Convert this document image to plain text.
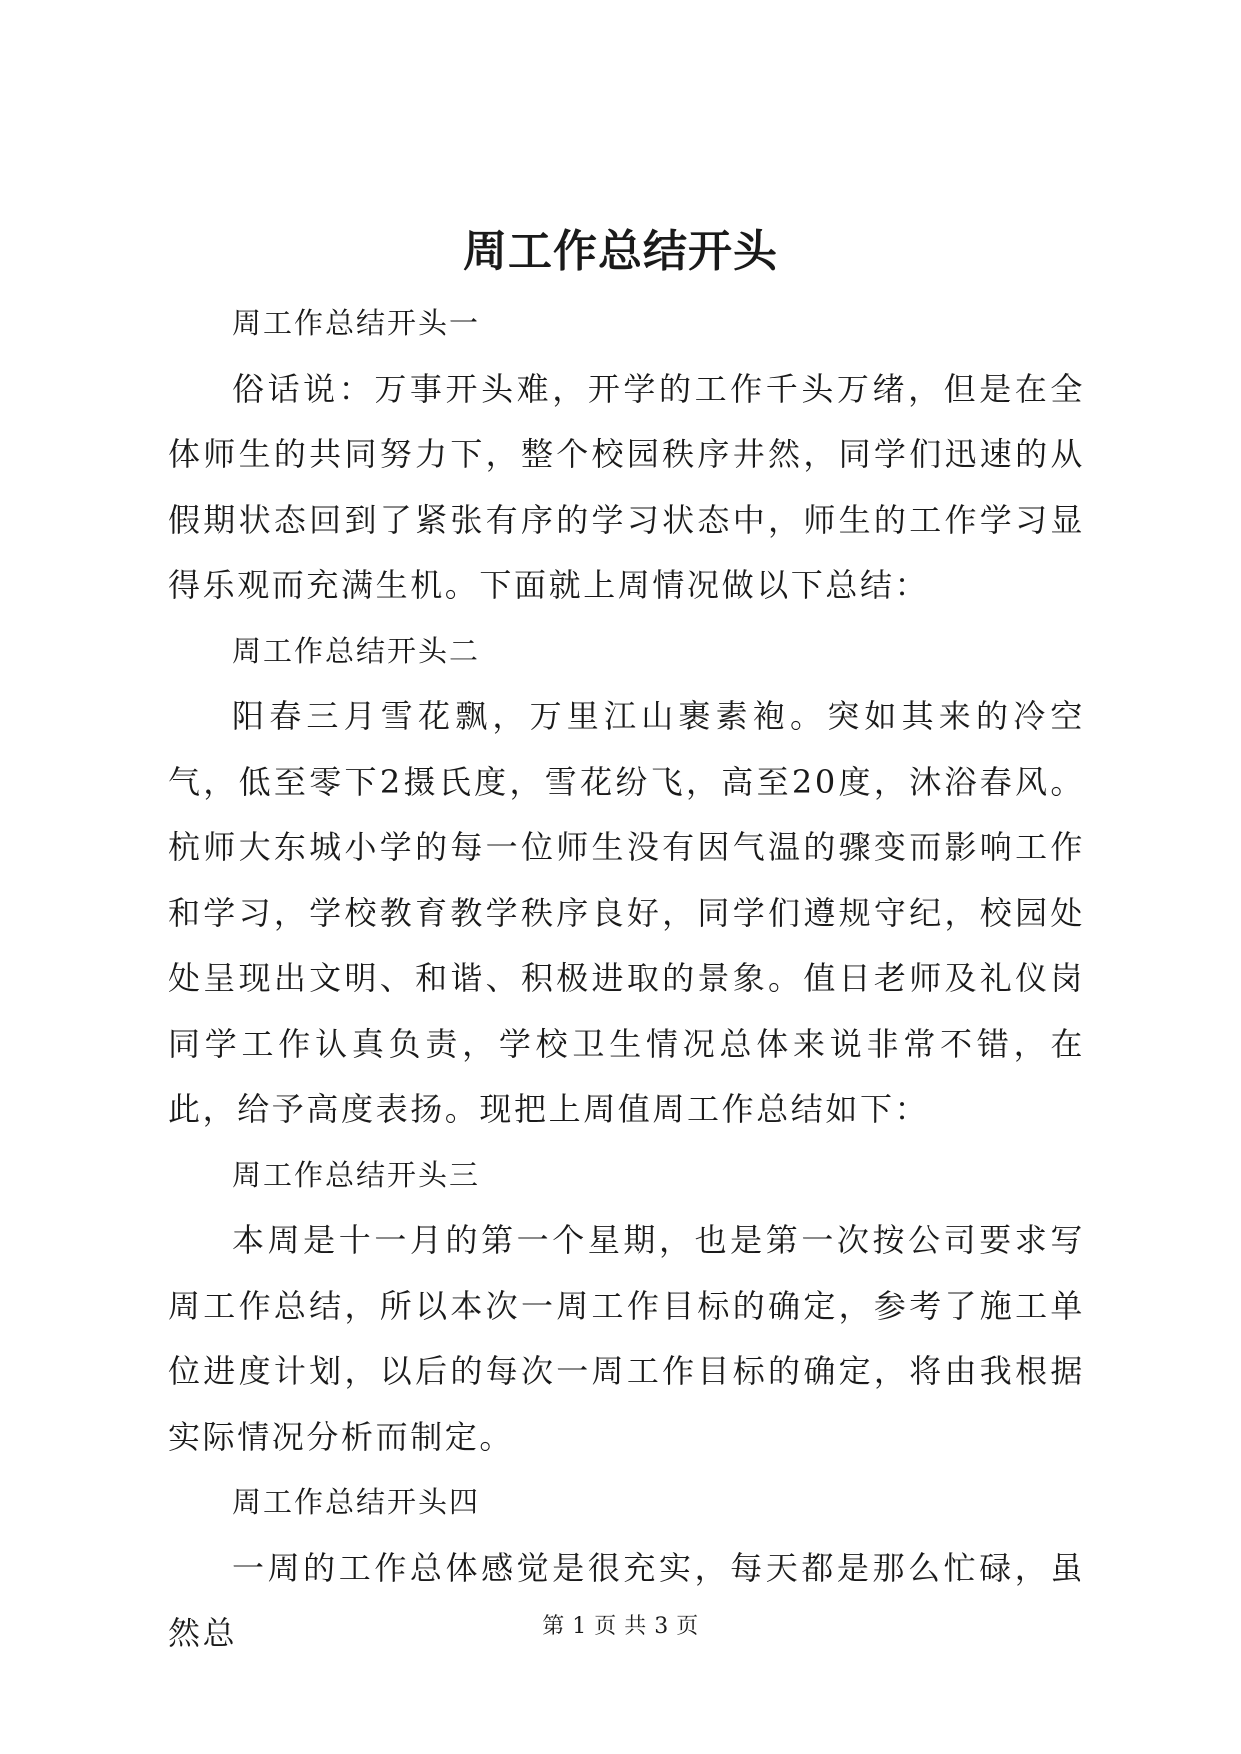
周工作总结开头

周工作总结开头一

俗话说：万事开头难，开学的工作千头万绪，但是在全体师生的共同努力下，整个校园秩序井然，同学们迅速的从假期状态回到了紧张有序的学习状态中，师生的工作学习显得乐观而充满生机。下面就上周情况做以下总结：

周工作总结开头二

阳春三月雪花飘，万里江山裹素袍。突如其来的冷空气，低至零下2摄氏度，雪花纷飞，高至20度，沐浴春风。杭师大东城小学的每一位师生没有因气温的骤变而影响工作和学习，学校教育教学秩序良好，同学们遵规守纪，校园处处呈现出文明、和谐、积极进取的景象。值日老师及礼仪岗同学工作认真负责，学校卫生情况总体来说非常不错，在此，给予高度表扬。现把上周值周工作总结如下：

周工作总结开头三

本周是十一月的第一个星期，也是第一次按公司要求写周工作总结，所以本次一周工作目标的确定，参考了施工单位进度计划，以后的每次一周工作目标的确定，将由我根据实际情况分析而制定。

周工作总结开头四

一周的工作总体感觉是很充实，每天都是那么忙碌，虽然总	第 1 页 共 3 页
